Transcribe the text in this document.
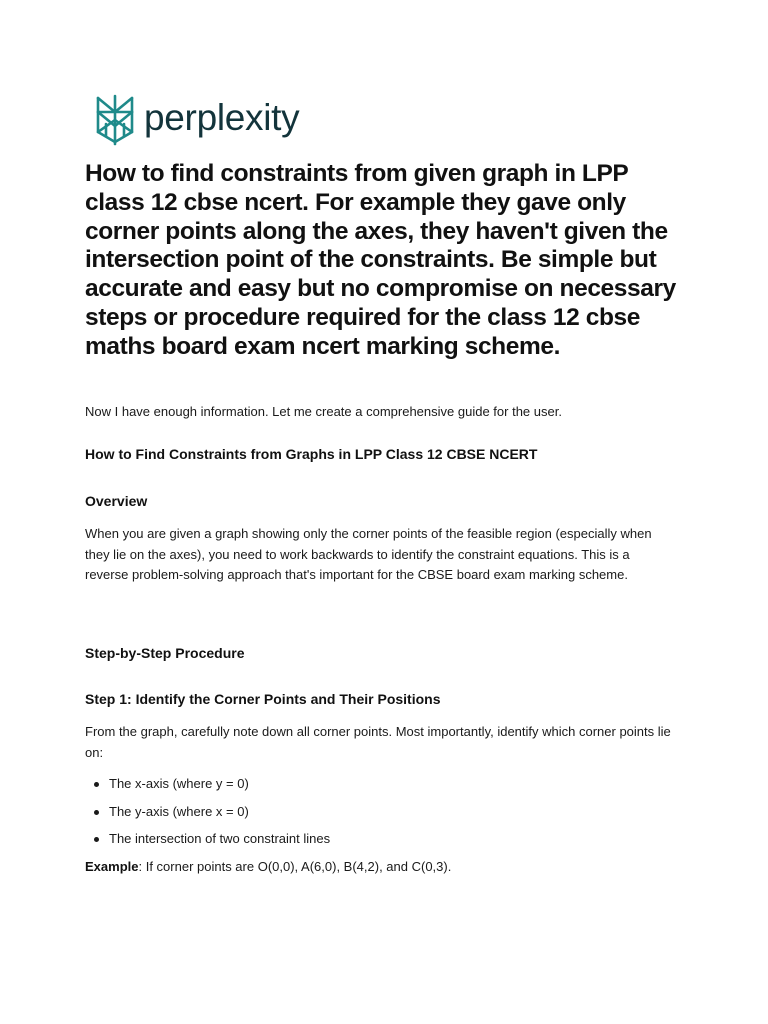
perplexity
How to find constraints from given graph in LPP class 12 cbse ncert. For example they gave only corner points along the axes, they haven't given the intersection point of the constraints. Be simple but accurate and easy but no compromise on necessary steps or procedure required for the class 12 cbse maths board exam ncert marking scheme.

Now I have enough information. Let me create a comprehensive guide for the user.

How to Find Constraints from Graphs in LPP Class 12 CBSE NCERT
Overview

When you are given a graph showing only the corner points of the feasible region (especially when they lie on the axes), you need to work backwards to identify the constraint equations. This is a reverse problem-solving approach that's important for the CBSE board exam marking scheme.

Step-by-Step Procedure
Step 1: Identify the Corner Points and Their Positions

From the graph, carefully note down all corner points. Most importantly, identify which corner points lie on:

The x-axis (where y = 0)
The y-axis (where x = 0)
The intersection of two constraint lines

Example: If corner points are O(0,0), A(6,0), B(4,2), and C(0,3).
